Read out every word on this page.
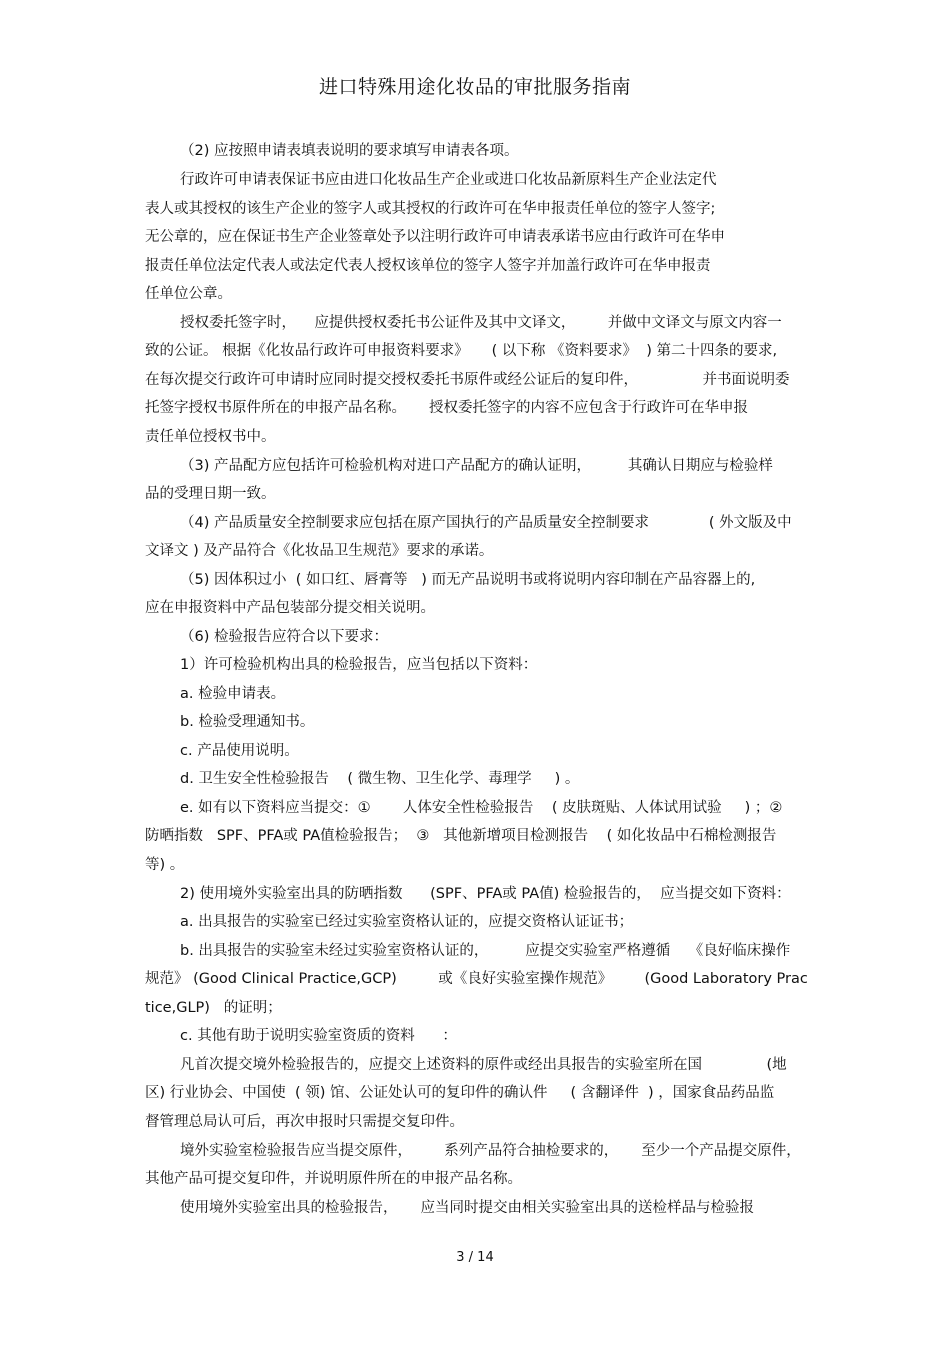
进口特殊用途化妆品的审批服务指南
（2) 应按照申请表填表说明的要求填写申请表各项。
行政许可申请表保证书应由进口化妆品生产企业或进口化妆品新原料生产企业法定代
表人或其授权的该生产企业的签字人或其授权的行政许可在华申报责任单位的签字人签字;
无公章的，应在保证书生产企业签章处予以注明行政许可申请表承诺书应由行政许可在华申
报责任单位法定代表人或法定代表人授权该单位的签字人签字并加盖行政许可在华申报责
任单位公章。
授权委托签字时，    应提供授权委托书公证件及其中文译文，       并做中文译文与原文内容一
致的公证。 根据《化妆品行政许可申报资料要求》     ( 以下称 《资料要求》  ) 第二十四条的要求,
在每次提交行政许可申请时应同时提交授权委托书原件或经公证后的复印件，              并书面说明委
托签字授权书原件所在的申报产品名称。     授权委托签字的内容不应包含于行政许可在华申报
责任单位授权书中。
（3) 产品配方应包括许可检验机构对进口产品配方的确认证明，        其确认日期应与检验样
品的受理日期一致。
（4) 产品质量安全控制要求应包括在原产国执行的产品质量安全控制要求             ( 外文版及中
文译文 ) 及产品符合《化妆品卫生规范》要求的承诺。
（5) 因体积过小  ( 如口红、唇膏等   ) 而无产品说明书或将说明内容印制在产品容器上的,
应在申报资料中产品包装部分提交相关说明。
（6) 检验报告应符合以下要求：
1）许可检验机构出具的检验报告，应当包括以下资料：
a. 检验申请表。
b. 检验受理通知书。
c. 产品使用说明。
d. 卫生安全性检验报告    ( 微生物、卫生化学、毒理学     ) 。
e. 如有以下资料应当提交：①       人体安全性检验报告    ( 皮肤斑贴、人体试用试验     ) ；②
防晒指数   SPF、PFA或 PA值检验报告；  ③   其他新增项目检测报告    ( 如化妆品中石棉检测报告
等) 。
2) 使用境外实验室出具的防晒指数      (SPF、PFA或 PA值) 检验报告的，  应当提交如下资料：
a. 出具报告的实验室已经过实验室资格认证的，应提交资格认证证书；
b. 出具报告的实验室未经过实验室资格认证的，        应提交实验室严格遵循    《良好临床操作
规范》 (Good Clinical Practice,GCP)         或《良好实验室操作规范》       (Good Laboratory Prac
tice,GLP)   的证明；
c. 其他有助于说明实验室资质的资料      ：
凡首次提交境外检验报告的，应提交上述资料的原件或经出具报告的实验室所在国              (地
区) 行业协会、中国使  ( 领) 馆、公证处认可的复印件的确认件     ( 含翻译件  ) ，国家食品药品监
督管理总局认可后，再次申报时只需提交复印件。
境外实验室检验报告应当提交原件，       系列产品符合抽检要求的，     至少一个产品提交原件，
其他产品可提交复印件，并说明原件所在的申报产品名称。
使用境外实验室出具的检验报告，     应当同时提交由相关实验室出具的送检样品与检验报
3 / 14
